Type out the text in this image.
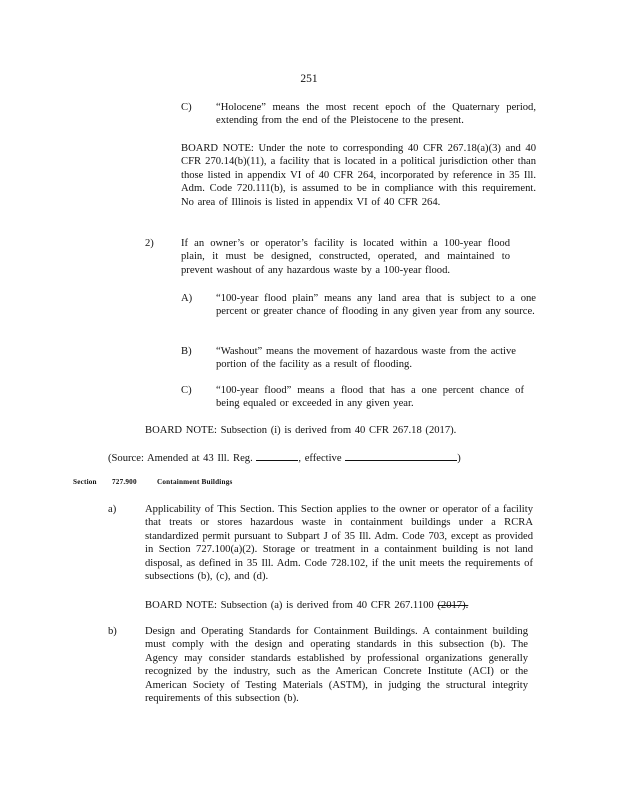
251
C) “Holocene” means the most recent epoch of the Quaternary period, extending from the end of the Pleistocene to the present.

BOARD NOTE: Under the note to corresponding 40 CFR 267.18(a)(3) and 40 CFR 270.14(b)(11), a facility that is located in a political jurisdiction other than those listed in appendix VI of 40 CFR 264, incorporated by reference in 35 Ill. Adm. Code 720.111(b), is assumed to be in compliance with this requirement. No area of Illinois is listed in appendix VI of 40 CFR 264.

2)	If an owner’s or operator’s facility is located within a 100-year flood plain, it must be designed, constructed, operated, and maintained to prevent washout of any hazardous waste by a 100-year flood.

A) “100-year flood plain” means any land area that is subject to a one percent or greater chance of flooding in any given year from any source.

B) “Washout” means the movement of hazardous waste from the active portion of the facility as a result of flooding.

C) “100-year flood” means a flood that has a one percent chance of being equaled or exceeded in any given year.

BOARD NOTE: Subsection (i) is derived from 40 CFR 267.18 (2017).

(Source: Amended at 43 Ill. Reg.	, effective	)
Section 727.900	Containment Buildings
a)	Applicability of This Section. This Section applies to the owner or operator of a facility that treats or stores hazardous waste in containment buildings under a RCRA standardized permit pursuant to Subpart J of 35 Ill. Adm. Code 703, except as provided in Section 727.100(a)(2). Storage or treatment in a containment building is not land disposal, as defined in 35 Ill. Adm. Code 728.102, if the unit meets the requirements of subsections (b), (c), and (d).

BOARD NOTE: Subsection (a) is derived from 40 CFR 267.1100 (2017).
b)	Design and Operating Standards for Containment Buildings. A containment building must comply with the design and operating standards in this subsection (b). The Agency may consider standards established by professional organizations generally recognized by the industry, such as the American Concrete Institute (ACI) or the American Society of Testing Materials (ASTM), in judging the structural integrity requirements of this subsection (b).
